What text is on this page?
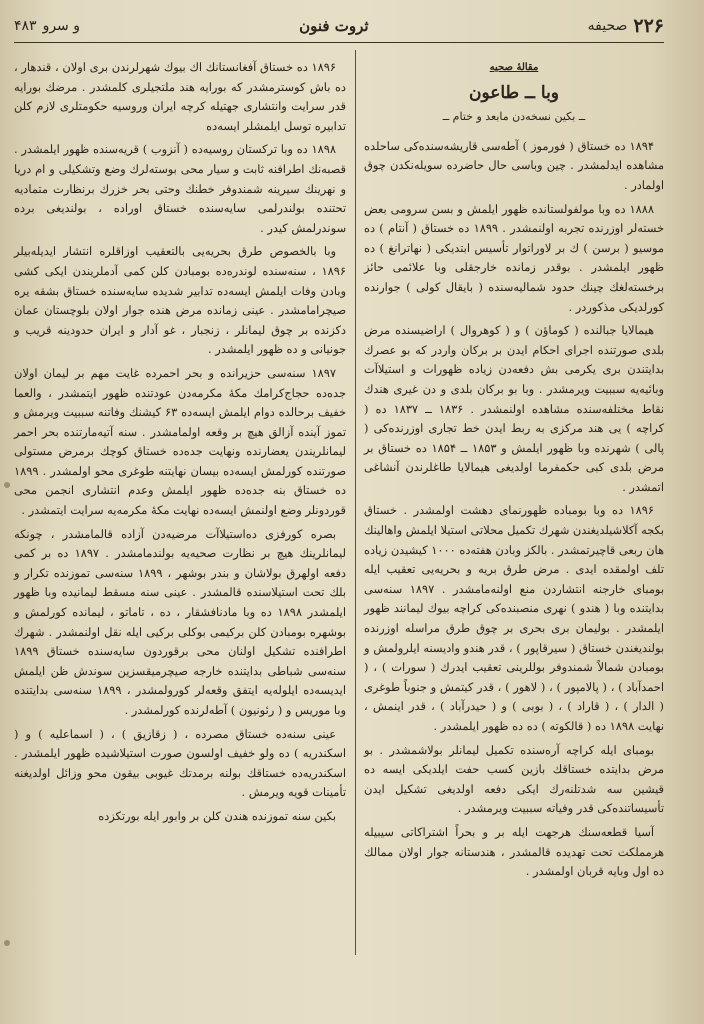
۲۲۶
صحیفه
ثروت فنون
و سرو
۴۸۳
مقالهٔ صحیه
وبا ــ طاعون
ــ بکین نسخه‌دن مابعد و ختام ــ

۱۸۹۴ ده خستاق ( فورموز ) آطه‌سی قاریشه‌سنده‌کی ساحلده مشاهده ایدلمشدر . چین وباسی حال حاضرده سویله‌نکدن چوق اولمادر .

۱۸۸۸ ده وبا مولفولستانده ظهور ایلمش و بسن سرومی بعض خسته‌لر اوزرنده تجربه اولنمشدر . ۱۸۹۹ ده خستاق ( آنتام ) ده موسیو ( برسن ) ك بر لاوراتوار تأسیس ابتدیکی ( نهاترانغ ) ده ظهور ایلمشدر . بوقدر زمانده خارجقلی وبا علائمی حائز برخسته‌لغك چینك حدود شمالیه‌سنده ( بایقال کولی ) جوارنده کورلدیکی مذکوردر .

هیمالایا جبالنده ( کوماؤن ) و ( کوهروال ) اراضیسنده مرض بلدی صورتنده اجرای احکام ایدن بر برکان واردر که بو عصرك بدایتندن بری یکرمی بش دفعه‌دن زیاده ظهورات و استیلاآت وبائیه‌یه سببیت ویرمشدر . وبا بو برکان بلدی و دن غیری هندك نقاط مختلفه‌سنده مشاهده اولنمشدر . ۱۸۳۶ ــ ۱۸۳۷ ده ( کراچه ) یی هند مرکزی به ربط ایدن خط تجاری اوزرنده‌کی ( پالی ) شهرنده وبا ظهور ایلمش و ۱۸۵۳ ــ ۱۸۵۴ ده خستاق بر مرض بلدی کبی حکمفرما اولدیغی هیمالایا طاغلرندن آنشاغی اتمشدر .

۱۸۹۶ ده وبا بومباده ظهورنمای دهشت اولمشدر . خستاق بکجه آکلاشیلدیغندن شهرك تکمیل محلاتی استیلا ایلمش واهالینك هان ربعی قاچیرتمشدر . بالکز وبادن هفته‌ده ۱۰۰۰ کیشیدن زیاده تلف اولمقده ایدی . مرض طرق بریه و بحریه‌یی تعقیب ایله بومبای خارجنه انتشاردن منع اولنه‌مامشدر . ۱۸۹۷ سنه‌سی بدایتنده وبا ( هندو ) نهری منصبنده‌کی کراچه بیوك لیمانند ظهور ایلمشدر . بولیمان بری بحری بر چوق طرق مراسله اوزرنده بولندیغندن خستاق ( سیرقاپور ) ، قدر هندو وادیسنه ایلرولمش و بومبادن شمالاً شمندوفر بوللرینی تعقیب ایدرك ( سورات ) ، ( احمدآباد ) ، ( پالامپور ) ، ( لاهور ) ، قدر کیتمش و جنوباً طوغری ( الدار ) ، ( قاراد ) ، ( بوبی ) و ( حیدرآباد ) ، قدر اینمش ، نهایت ۱۸۹۸ ده ( قالکوته ) ده ده ظهور ایلمشدر .

بومبای ایله کراچه آره‌سنده تکمیل لیمانلر بولاشمشدر . بو مرض بدایتده خستاقك بازین کسب حفت ایلدیکی ایسه ده قیشین سه شدتلنه‌رك ایکی دفعه اولدیغی تشکیل ایدن تأسیساتنده‌کی قدر وفیاته سببیت ویرمشدر .

آسیا قطعه‌سنك هرجهت ایله بر و بحراً اشتراکاتی سیبیله هرمملکت تحت تهدیده قالمشدر ، هندستانه جوار اولان ممالك ده اول وبایه قربان اولمشدر .

۱۸۹۶ ده خستاق آفغانستانك اك بیوك شهرلرندن بری اولان ، قندهار ، ده باش کوسترمشدر که بورایه هند ملتجیلری کلمشدر . مرضك بورایه قدر سرایت وانتشاری جهتیله کرچه ایران وروسیه حکومتلری لازم کلن تدابیره توسل ایلمشلر ایسه‌ده

۱۸۹۸ ده وبا ترکستان روسیه‌ده ( آنزوب ) قریه‌سنده ظهور ایلمشدر . قصبه‌نك اطرافنه ثابت و سیار محی بوسته‌لرك وضع وتشکیلی و ام دریا و نهرینك سیرینه شمندوفر خطنك وحتی بحر خزرك برنظارت متمادیه تحتنده بولندرلمی سایه‌سنده خستاق اوراده ، بولندیغی برده سوندرلمش کیدر .

وبا بالخصوص طرق بحریه‌یی بالتعقیب اوزاقلره انتشار ایدیله‌بیلر ۱۸۹۶ ، سنه‌سنده لوندره‌ده بومبادن کلن کمی آدملریندن ایکی کشی وبادن وفات ایلمش ایسه‌ده تدابیر شدیده سایه‌سنده خستاق بشقه یره صیچرامامشدر . عینی زمانده مرض هنده جوار اولان بلوچستان عمان دکزنده بر چوق لیمانلر ، زنجبار ، غو آدار و ایران حدودینه قریب و جونیانی و ده ظهور ایلمشدر .

۱۸۹۷ سنه‌سی حزیرانده و بحر احمرده غایت مهم بر لیمان اولان جده‌ده حجاج‌کرامك مکهٔ مکرمه‌دن عودتنده ظهور ایتمشدر ، والعما خفیف برحالده دوام ایلمش ایسه‌ده ۶۳ کیشنك وفاتنه سببیت ویرمش و تموز آینده آزالق هیچ بر وقعه اولمامشدر . سنه آتیه‌مارتنده بحر احمر لیمانلریندن یعضارنده ونهایت جده‌ده خستاق کوچك برمرض مستولی صورتنده کورلمش ایسه‌ده بیسان نهایتنه طوغری محو اولمشدر . ۱۸۹۹ ده خستاق بنه جده‌ده ظهور ایلمش وعدم انتشاری انجمن محی قوردونلر وضع اولنمش ایسه‌ده نهایت مکهٔ مکرمه‌یه سرایت ایتمشدر .

بصره‌ کورفزی ده‌استیلاآت مرضیه‌دن آزاده قالمامشدر ، چونکه لیمانلرینك هیچ بر نظارت صحیه‌یه بولندمامشدر . ۱۸۹۷ ده بر کمی دفعه اولهرق بولاشان و بندر بوشهر ، ۱۸۹۹ سنه‌سی تموزنده تکرار و بلك تحت استیلاسنده قالمشدر . عینی سنه مسقط لیمانیده وبا ظهور ایلمشدر ۱۸۹۸ ده وبا مادنافشقار ، ده ، تاماتو ، لیمانده کورلمش و بوشهره بومبادن کلن برکیمی بوکلی برکیی ایله نقل اولنمشدر . شهرك اطرافنده تشکیل اولنان محی برقوردون سایه‌سنده خستاق ۱۸۹۹ سنه‌سی شباطی بدایتنده خارجه صیچرمیقسزین سوندش ظن ایلمش ایدیسه‌ده ایلوله‌یه ایتفق وقعه‌لر کورولمشدر ، ۱۸۹۹ سنه‌سی بدایتنده وبا موریس و ( رئونیون ) آطه‌لرنده کورلمشدر .

عینی سنه‌ده خستاق مصرده ، ( زقازیق ) ، ( اسماعلیه ) و ( اسکندریه ) ده ولو خفیف اولسون صورت استیلاشیده ظهور ایلمشدر . اسکندریه‌ده خستاقك بولنه برمدتك غیوبی بیقون محو وزائل اولدیغنه تأمینات قویه ویرمش .

بکین سنه تموزنده هندن کلن بر وابور ایله بورتکزده
